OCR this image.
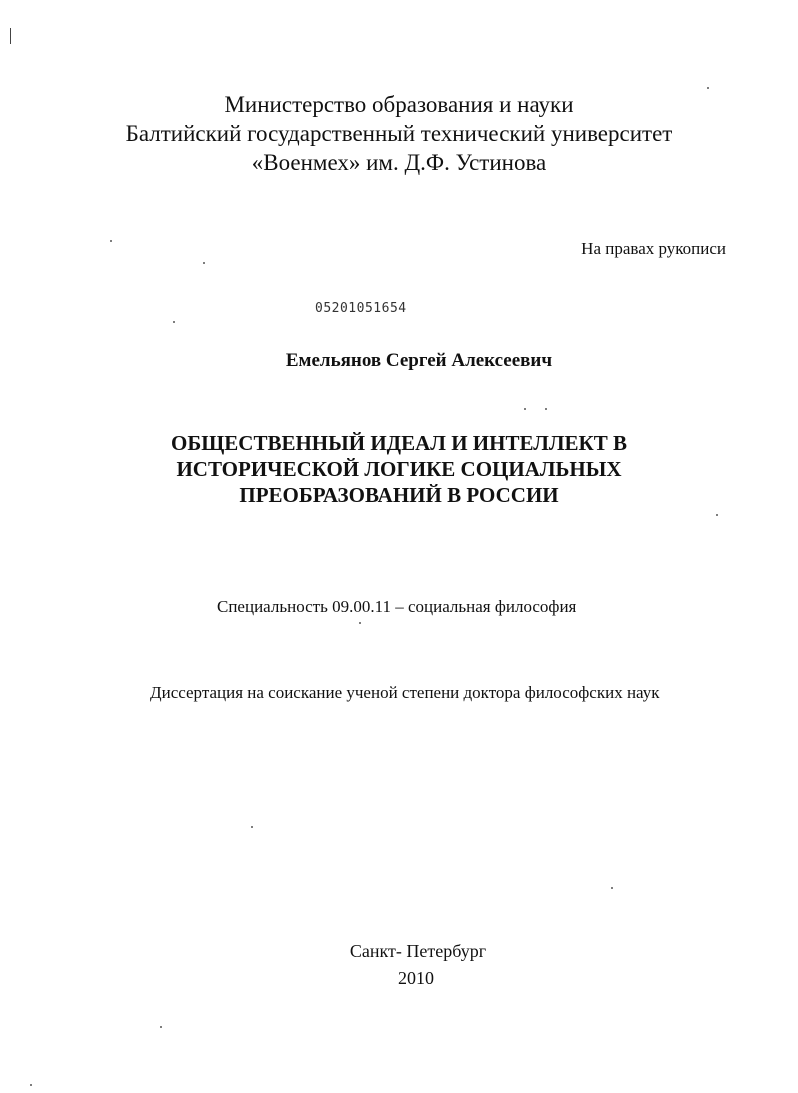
Министерство образования и науки
Балтийский государственный технический университет
«Военмех» им. Д.Ф. Устинова
На правах рукописи
05201051654
Емельянов Сергей Алексеевич
ОБЩЕСТВЕННЫЙ ИДЕАЛ И ИНТЕЛЛЕКТ В
ИСТОРИЧЕСКОЙ ЛОГИКЕ СОЦИАЛЬНЫХ
ПРЕОБРАЗОВАНИЙ В РОССИИ
Специальность 09.00.11 – социальная философия
Диссертация на соискание ученой степени доктора философских наук
Санкт- Петербург
2010
